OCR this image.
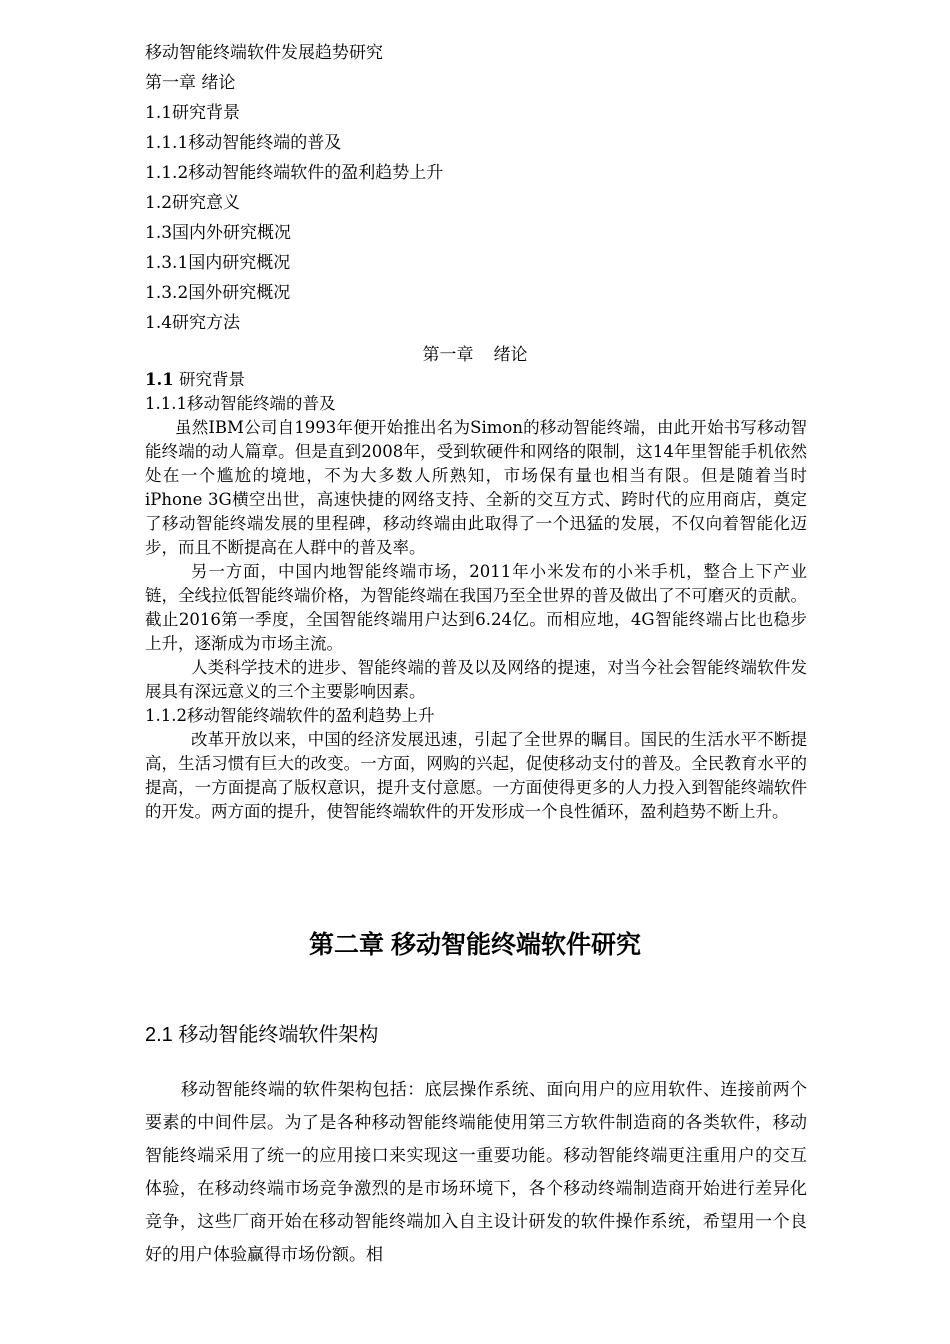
移动智能终端软件发展趋势研究
第一章 绪论
1.1研究背景
1.1.1移动智能终端的普及
1.1.2移动智能终端软件的盈利趋势上升
1.2研究意义
1.3国内外研究概况
1.3.1国内研究概况
1.3.2国外研究概况
1.4研究方法
第一章 绪论
1.1 研究背景
1.1.1移动智能终端的普及

虽然IBM公司自1993年便开始推出名为Simon的移动智能终端，由此开始书写移动智能终端的动人篇章。但是直到2008年，受到软硬件和网络的限制，这14年里智能手机依然处在一个尴尬的境地，不为大多数人所熟知，市场保有量也相当有限。但是随着当时iPhone 3G横空出世，高速快捷的网络支持、全新的交互方式、跨时代的应用商店，奠定了移动智能终端发展的里程碑，移动终端由此取得了一个迅猛的发展，不仅向着智能化迈步，而且不断提高在人群中的普及率。

另一方面，中国内地智能终端市场，2011年小米发布的小米手机，整合上下产业链，全线拉低智能终端价格，为智能终端在我国乃至全世界的普及做出了不可磨灭的贡献。截止2016第一季度，全国智能终端用户达到6.24亿。而相应地，4G智能终端占比也稳步上升，逐渐成为市场主流。

人类科学技术的进步、智能终端的普及以及网络的提速，对当今社会智能终端软件发展具有深远意义的三个主要影响因素。

1.1.2移动智能终端软件的盈利趋势上升

改革开放以来，中国的经济发展迅速，引起了全世界的瞩目。国民的生活水平不断提高，生活习惯有巨大的改变。一方面，网购的兴起，促使移动支付的普及。全民教育水平的提高，一方面提高了版权意识，提升支付意愿。一方面使得更多的人力投入到智能终端软件的开发。两方面的提升，使智能终端软件的开发形成一个良性循环，盈利趋势不断上升。

第二章 移动智能终端软件研究
2.1 移动智能终端软件架构

移动智能终端的软件架构包括：底层操作系统、面向用户的应用软件、连接前两个要素的中间件层。为了是各种移动智能终端能使用第三方软件制造商的各类软件，移动智能终端采用了统一的应用接口来实现这一重要功能。移动智能终端更注重用户的交互体验，在移动终端市场竞争激烈的是市场环境下，各个移动终端制造商开始进行差异化竞争，这些厂商开始在移动智能终端加入自主设计研发的软件操作系统，希望用一个良好的用户体验赢得市场份额。相
